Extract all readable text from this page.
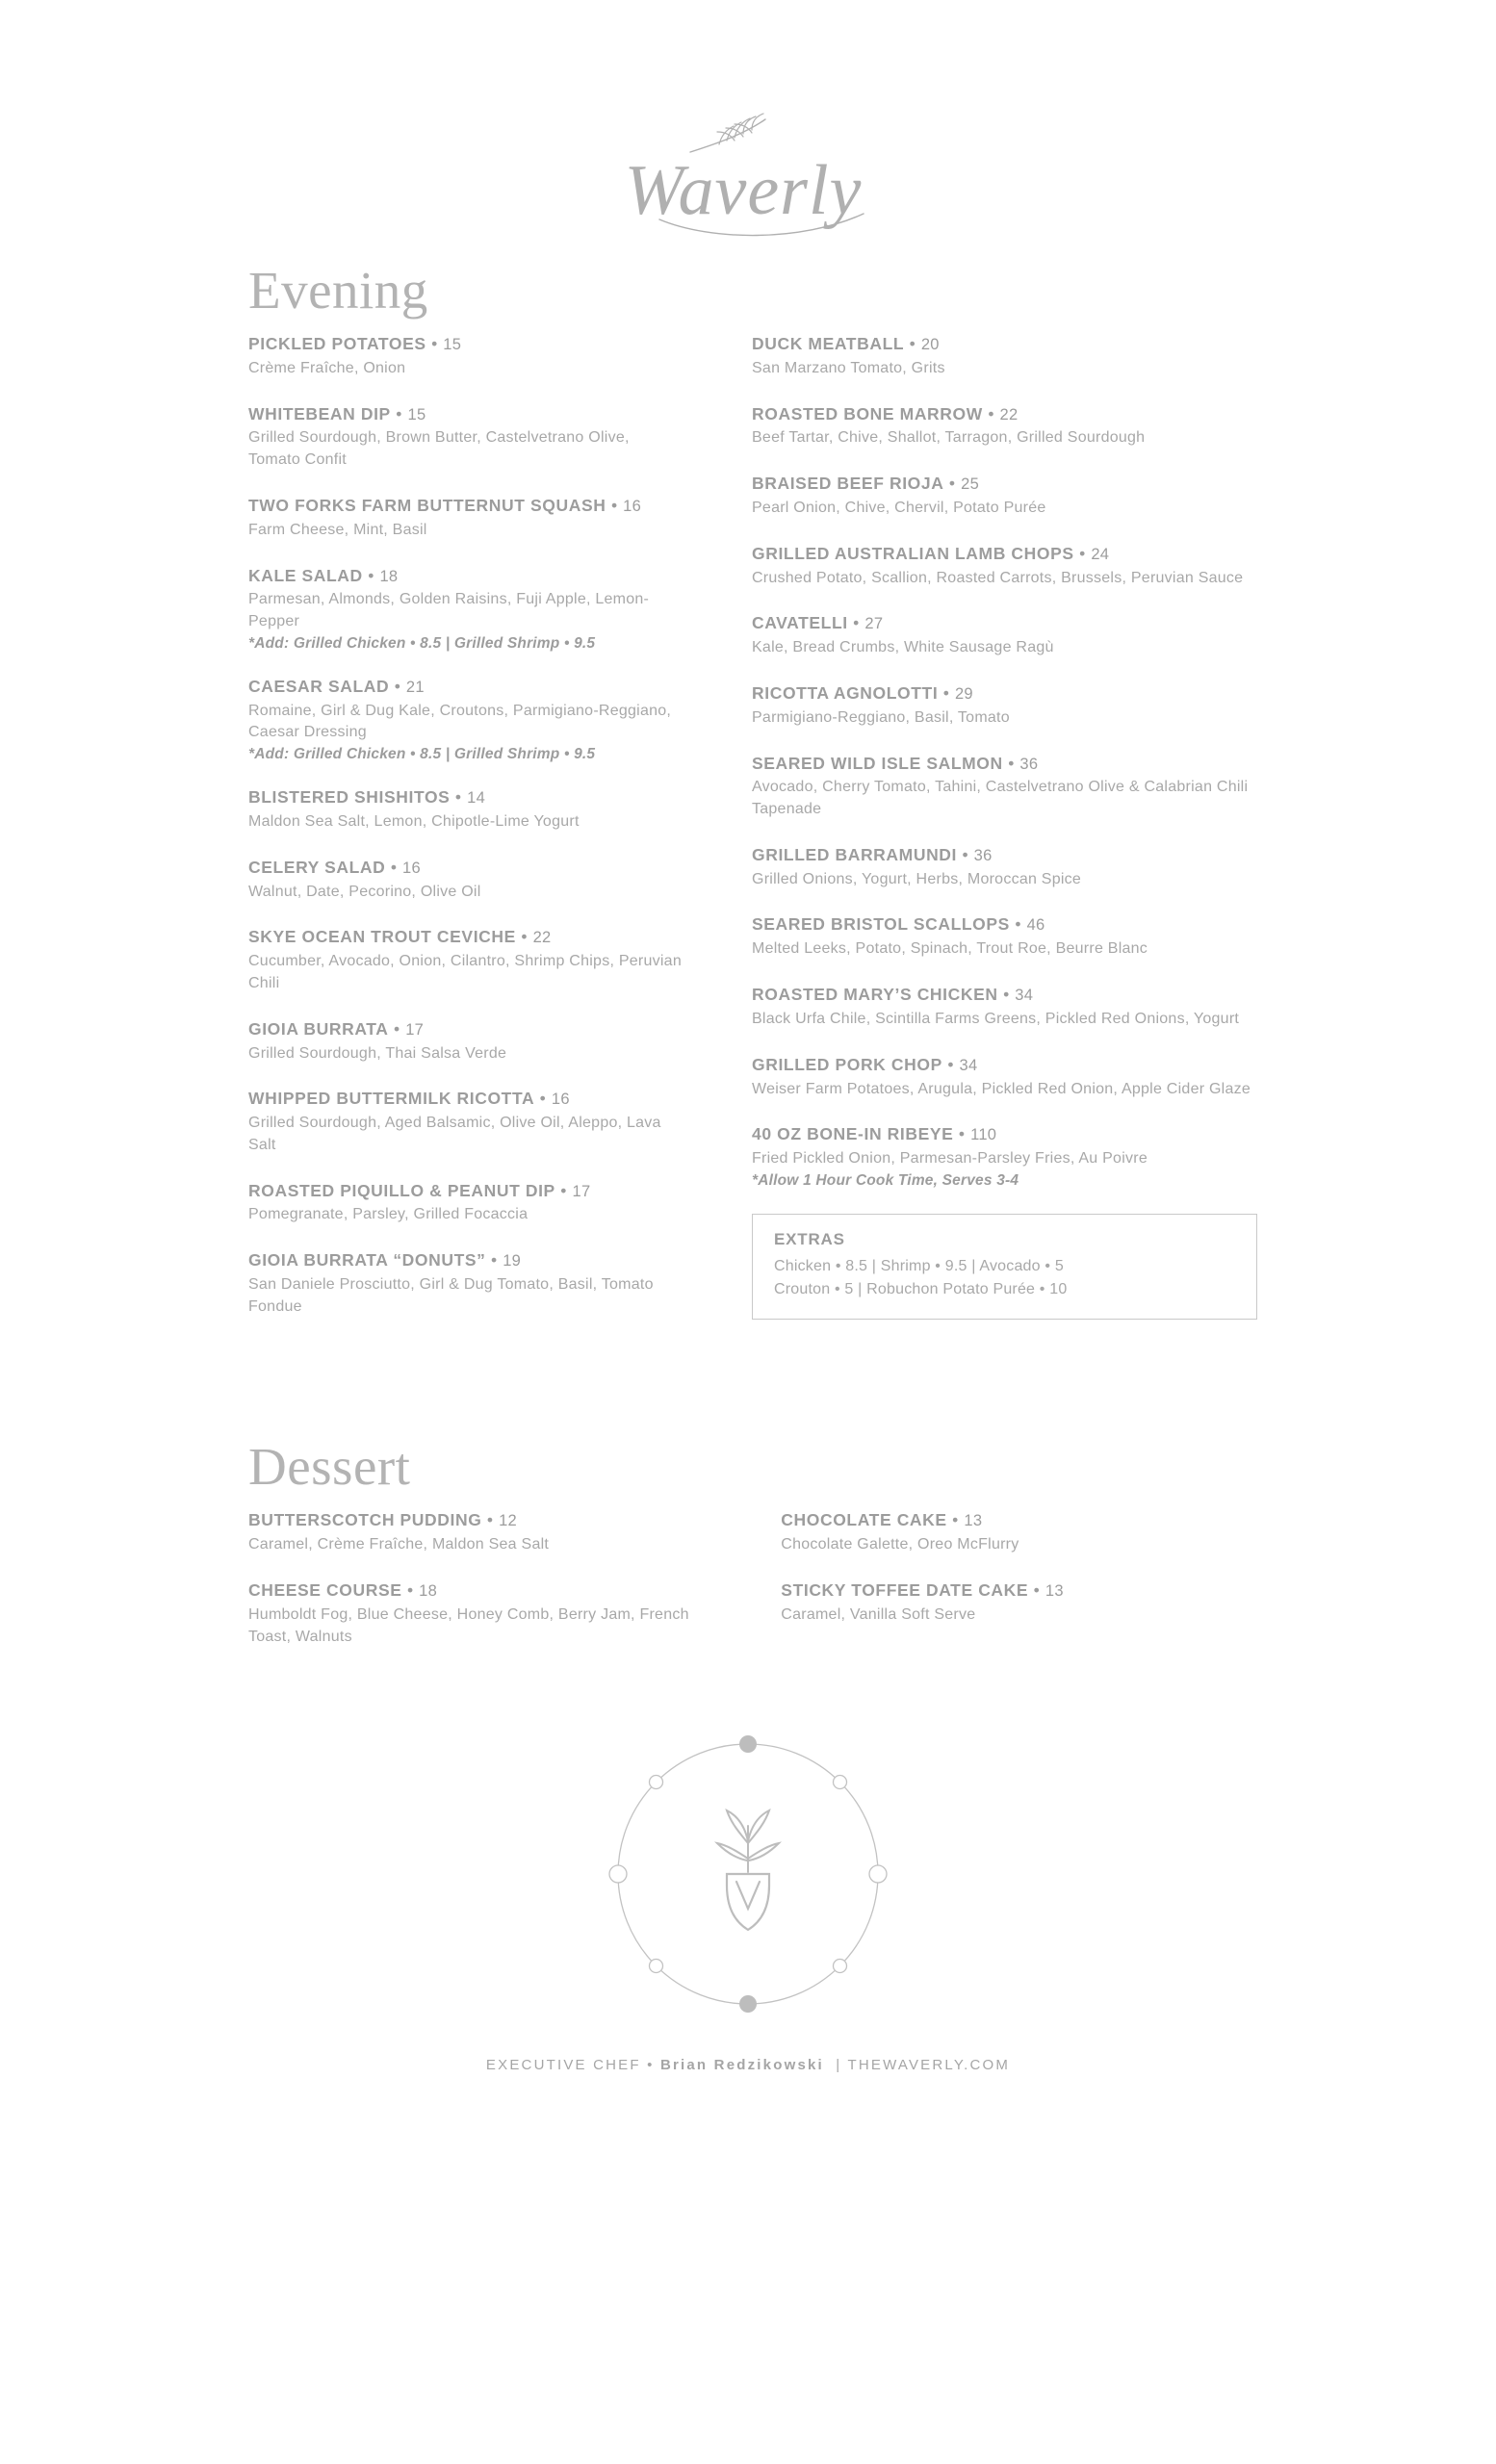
Waverly
Evening

PICKLED POTATOES • 15

Crème Fraîche, Onion

WHITEBEAN DIP • 15

Grilled Sourdough, Brown Butter, Castelvetrano Olive, Tomato Confit

TWO FORKS FARM BUTTERNUT SQUASH • 16

Farm Cheese, Mint, Basil

KALE SALAD • 18

Parmesan, Almonds, Golden Raisins, Fuji Apple, Lemon-Pepper

*Add: Grilled Chicken • 8.5 | Grilled Shrimp • 9.5

CAESAR SALAD • 21

Romaine, Girl & Dug Kale, Croutons, Parmigiano-Reggiano, Caesar Dressing

*Add: Grilled Chicken • 8.5 | Grilled Shrimp • 9.5

BLISTERED SHISHITOS • 14

Maldon Sea Salt, Lemon, Chipotle-Lime Yogurt

CELERY SALAD • 16

Walnut, Date, Pecorino, Olive Oil

SKYE OCEAN TROUT CEVICHE • 22

Cucumber, Avocado, Onion, Cilantro, Shrimp Chips, Peruvian Chili

GIOIA BURRATA • 17

Grilled Sourdough, Thai Salsa Verde

WHIPPED BUTTERMILK RICOTTA • 16

Grilled Sourdough, Aged Balsamic, Olive Oil, Aleppo, Lava Salt

ROASTED PIQUILLO & PEANUT DIP • 17

Pomegranate, Parsley, Grilled Focaccia

GIOIA BURRATA “DONUTS” • 19

San Daniele Prosciutto, Girl & Dug Tomato, Basil, Tomato Fondue

DUCK MEATBALL • 20

San Marzano Tomato, Grits

ROASTED BONE MARROW • 22

Beef Tartar, Chive, Shallot, Tarragon, Grilled Sourdough

BRAISED BEEF RIOJA • 25

Pearl Onion, Chive, Chervil, Potato Purée

GRILLED AUSTRALIAN LAMB CHOPS • 24

Crushed Potato, Scallion, Roasted Carrots, Brussels, Peruvian Sauce

CAVATELLI • 27

Kale, Bread Crumbs, White Sausage Ragù

RICOTTA AGNOLOTTI • 29

Parmigiano-Reggiano, Basil, Tomato

SEARED WILD ISLE SALMON • 36

Avocado, Cherry Tomato, Tahini, Castelvetrano Olive & Calabrian Chili Tapenade

GRILLED BARRAMUNDI • 36

Grilled Onions, Yogurt, Herbs, Moroccan Spice

SEARED BRISTOL SCALLOPS • 46

Melted Leeks, Potato, Spinach, Trout Roe, Beurre Blanc

ROASTED MARY’S CHICKEN • 34

Black Urfa Chile, Scintilla Farms Greens, Pickled Red Onions, Yogurt

GRILLED PORK CHOP • 34

Weiser Farm Potatoes, Arugula, Pickled Red Onion, Apple Cider Glaze

40 OZ BONE-IN RIBEYE • 110

Fried Pickled Onion, Parmesan-Parsley Fries, Au Poivre

*Allow 1 Hour Cook Time, Serves 3-4

EXTRAS

Chicken • 8.5 | Shrimp • 9.5 | Avocado • 5

Crouton • 5 | Robuchon Potato Purée • 10

Dessert

BUTTERSCOTCH PUDDING • 12

Caramel, Crème Fraîche, Maldon Sea Salt

CHEESE COURSE • 18

Humboldt Fog, Blue Cheese, Honey Comb, Berry Jam, French Toast, Walnuts

CHOCOLATE CAKE • 13

Chocolate Galette, Oreo McFlurry

STICKY TOFFEE DATE CAKE • 13

Caramel, Vanilla Soft Serve

EXECUTIVE CHEF • Brian Redzikowski | THEWAVERLY.COM
